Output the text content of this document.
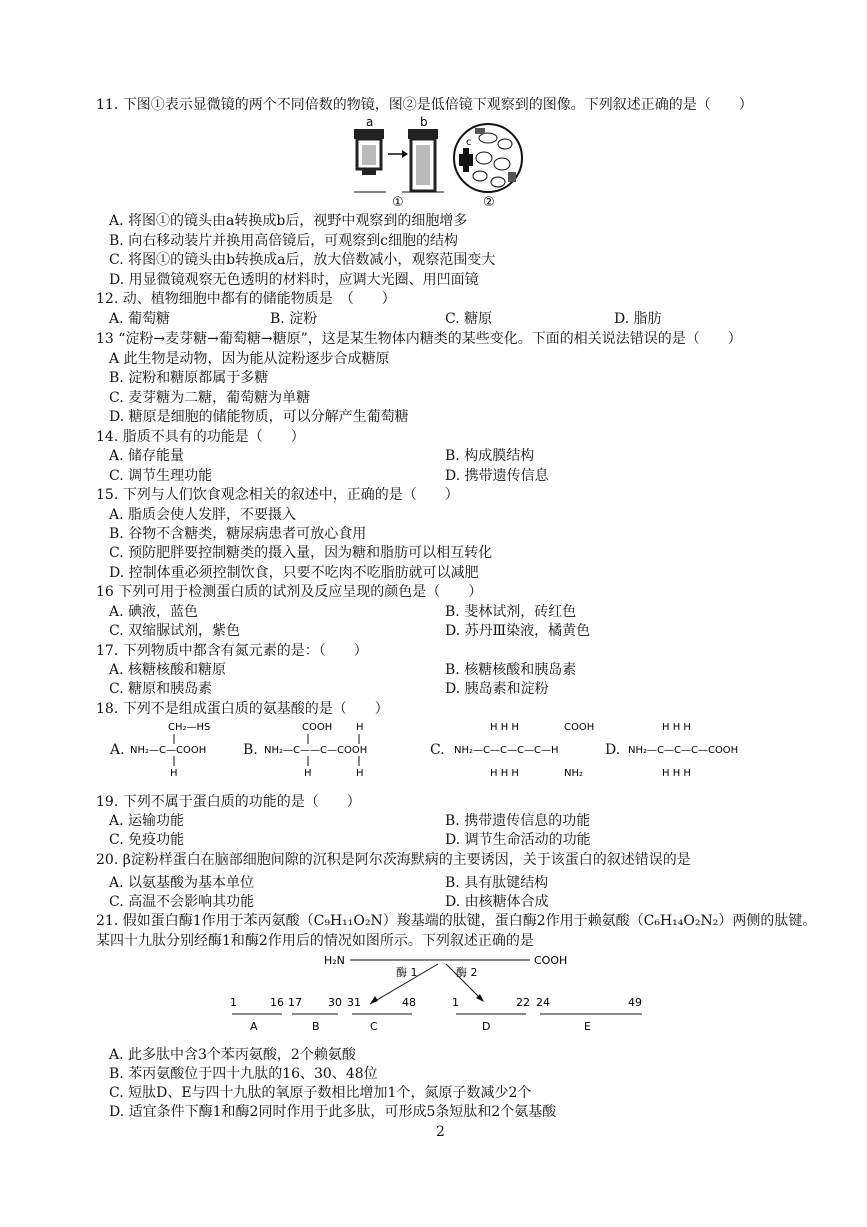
11. 下图①表示显微镜的两个不同倍数的物镜，图②是低倍镜下观察到的图像。下列叙述正确的是（　　）
a	b
①
c
②
A. 将图①的镜头由a转换成b后，视野中观察到的细胞增多
B. 向右移动装片并换用高倍镜后，可观察到c细胞的结构
C. 将图①的镜头由b转换成a后，放大倍数减小，观察范围变大
D. 用显微镜观察无色透明的材料时，应调大光圈、用凹面镜
12. 动、植物细胞中都有的储能物质是　（　　）
A. 葡萄糖	B. 淀粉	C. 糖原	D. 脂肪
13 “淀粉→麦芽糖→葡萄糖→糖原”，这是某生物体内糖类的某些变化。下面的相关说法错误的是（　　）
A 此生物是动物，因为能从淀粉逐步合成糖原
B. 淀粉和糖原都属于多糖
C. 麦芽糖为二糖，葡萄糖为单糖
D. 糖原是细胞的储能物质，可以分解产生葡萄糖
14. 脂质不具有的功能是（　　）
A. 储存能量	B. 构成膜结构
C. 调节生理功能	D. 携带遗传信息
15. 下列与人们饮食观念相关的叙述中，正确的是（　　）
A. 脂质会使人发胖，不要摄入
B. 谷物不含糖类，糖尿病患者可放心食用
C. 预防肥胖要控制糖类的摄入量，因为糖和脂肪可以相互转化
D. 控制体重必须控制饮食，只要不吃肉不吃脂肪就可以减肥
16 下列可用于检测蛋白质的试剂及反应呈现的颜色是（　　）
A. 碘液，蓝色	B. 斐林试剂，砖红色
C. 双缩脲试剂，紫色	D. 苏丹Ⅲ染液，橘黄色
17. 下列物质中都含有氮元素的是：（　　）
A. 核糖核酸和糖原	B. 核糖核酸和胰岛素
C. 糖原和胰岛素	D. 胰岛素和淀粉
18. 下列不是组成蛋白质的氨基酸的是（　　）
A.
CH₂—HS
NH₂—C—COOH
H
B.
COOH H
NH₂—C——C—COOH
H	H
C.
H H H	COOH
NH₂—C—C—C—C—H
H H H	NH₂
D.
H H H
NH₂—C—C—C—COOH
H H H
19. 下列不属于蛋白质的功能的是（　　）
A. 运输功能	B. 携带遗传信息的功能
C. 免疫功能	D. 调节生命活动的功能
20. β淀粉样蛋白在脑部细胞间隙的沉积是阿尔茨海默病的主要诱因，关于该蛋白的叙述错误的是
A. 以氨基酸为基本单位	B. 具有肽键结构
C. 高温不会影响其功能	D. 由核糖体合成
21. 假如蛋白酶1作用于苯丙氨酸（C₉H₁₁O₂N）羧基端的肽键，蛋白酶2作用于赖氨酸（C₆H₁₄O₂N₂）两侧的肽键。
某四十九肽分别经酶1和酶2作用后的情况如图所示。下列叙述正确的是
H₂N	COOH
酶 1	酶 2
1	16 17 30 31	48	1	22 24	49
A	B	C	D	E
A. 此多肽中含3个苯丙氨酸，2个赖氨酸
B. 苯丙氨酸位于四十九肽的16、30、48位
C. 短肽D、E与四十九肽的氧原子数相比增加1个，氮原子数减少2个
D. 适宜条件下酶1和酶2同时作用于此多肽，可形成5条短肽和2个氨基酸
2
